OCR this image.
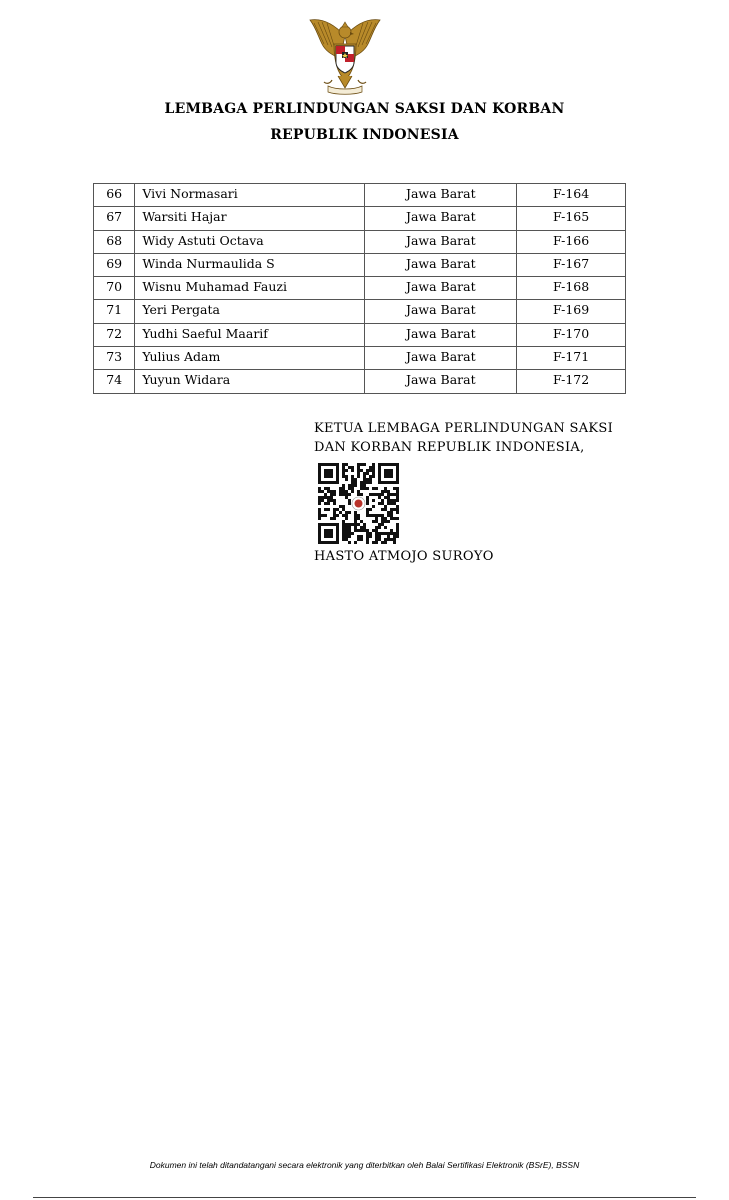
LEMBAGA PERLINDUNGAN SAKSI DAN KORBAN
REPUBLIK INDONESIA
66	Vivi Normasari	Jawa Barat	F-164
67	Warsiti Hajar	Jawa Barat	F-165
68	Widy Astuti Octava	Jawa Barat	F-166
69	Winda Nurmaulida S	Jawa Barat	F-167
70	Wisnu Muhamad Fauzi	Jawa Barat	F-168
71	Yeri Pergata	Jawa Barat	F-169
72	Yudhi Saeful Maarif	Jawa Barat	F-170
73	Yulius Adam	Jawa Barat	F-171
74	Yuyun Widara	Jawa Barat	F-172
KETUA LEMBAGA PERLINDUNGAN SAKSI
DAN KORBAN REPUBLIK INDONESIA,
HASTO ATMOJO SUROYO
Dokumen ini telah ditandatangani secara elektronik yang diterbitkan oleh Balai Sertifikasi Elektronik (BSrE), BSSN
